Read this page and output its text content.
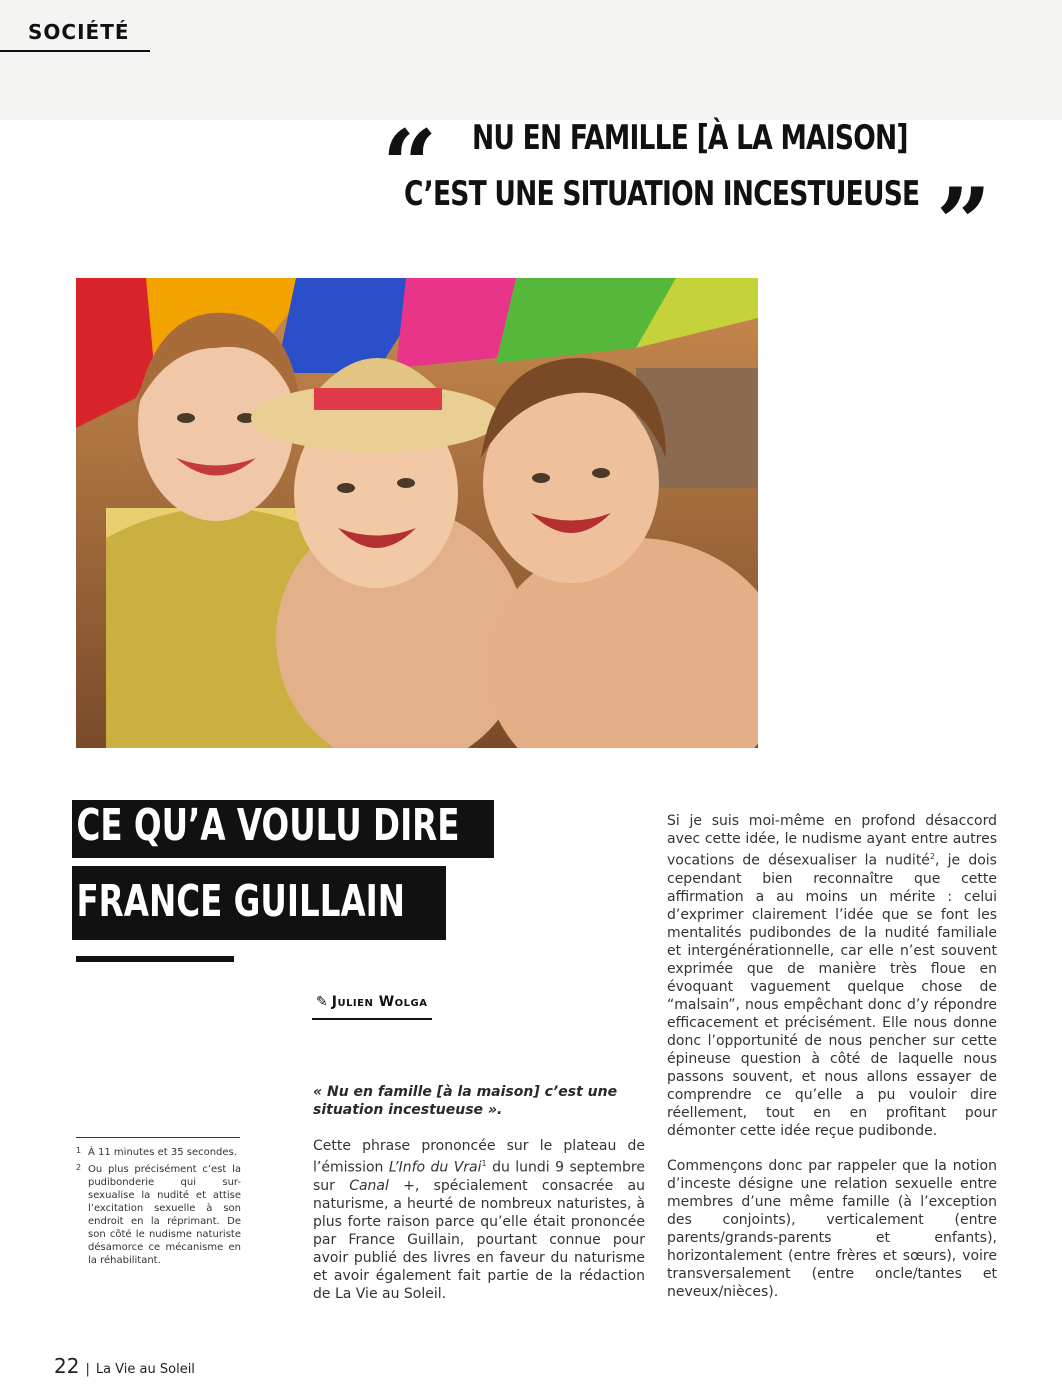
SOCIÉTÉ
“ NU EN FAMILLE [À LA MAISON]
C’EST UNE SITUATION INCESTUEUSE ”
CE QU’A VOULU DIRE
FRANCE GUILLAIN
✎ Julien Wolga
« Nu en famille [à la maison] c’est une situation incestueuse ».

Cette phrase prononcée sur le plateau de l’émission L’Info du Vrai$^1$ du lundi 9 septembre sur Canal +, spécialement consacrée au naturisme, a heurté de nombreux naturistes, à plus forte raison parce qu’elle était prononcée par France Guillain, pourtant connue pour avoir publié des livres en faveur du naturisme et avoir également fait partie de la rédaction de La Vie au Soleil.

Si je suis moi-même en profond désaccord avec cette idée, le nudisme ayant entre autres vocations de désexualiser la nudité$^2$, je dois cependant bien reconnaître que cette affirmation a au moins un mérite : celui d’exprimer clairement l’idée que se font les mentalités pudibondes de la nudité familiale et intergénérationnelle, car elle n’est souvent exprimée que de manière très floue en évoquant vaguement quelque chose de “malsain”, nous empêchant donc d’y répondre efficacement et précisément. Elle nous donne donc l’opportunité de nous pencher sur cette épineuse question à côté de laquelle nous passons souvent, et nous allons essayer de comprendre ce qu’elle a pu vouloir dire réellement, tout en en profitant pour démonter cette idée reçue pudibonde.

Commençons donc par rappeler que la notion d’inceste désigne une relation sexuelle entre membres d’une même famille (à l’exception des conjoints), verticalement (entre parents/grands-parents et enfants), horizontalement (entre frères et sœurs), voire transversalement (entre oncle/tantes et neveux/nièces).

1 À 11 minutes et 35 secondes.
2 Ou plus précisément c’est la pudibonderie qui sur-sexualise la nudité et attise l’excitation sexuelle à son endroit en la réprimant. De son côté le nudisme naturiste désamorce ce mécanisme en la réhabilitant.
22 | La Vie au Soleil
